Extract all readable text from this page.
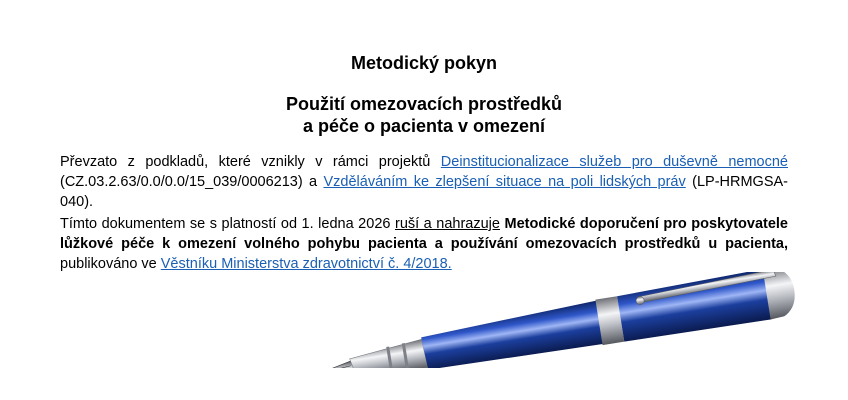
Metodický pokyn
Použití omezovacích prostředků
a péče o pacienta v omezení

Převzato z podkladů, které vznikly v rámci projektů Deinstitucionalizace služeb pro duševně nemocné (CZ.03.2.63/0.0/0.0/15_039/0006213) a Vzděláváním ke zlepšení situace na poli lidských práv (LP-HRMGSA-040).

Tímto dokumentem se s platností od 1. ledna 2026 ruší a nahrazuje Metodické doporučení pro poskytovatele lůžkové péče k omezení volného pohybu pacienta a používání omezovacích prostředků u pacienta, publikováno ve Věstníku Ministerstva zdravotnictví č. 4/2018.
